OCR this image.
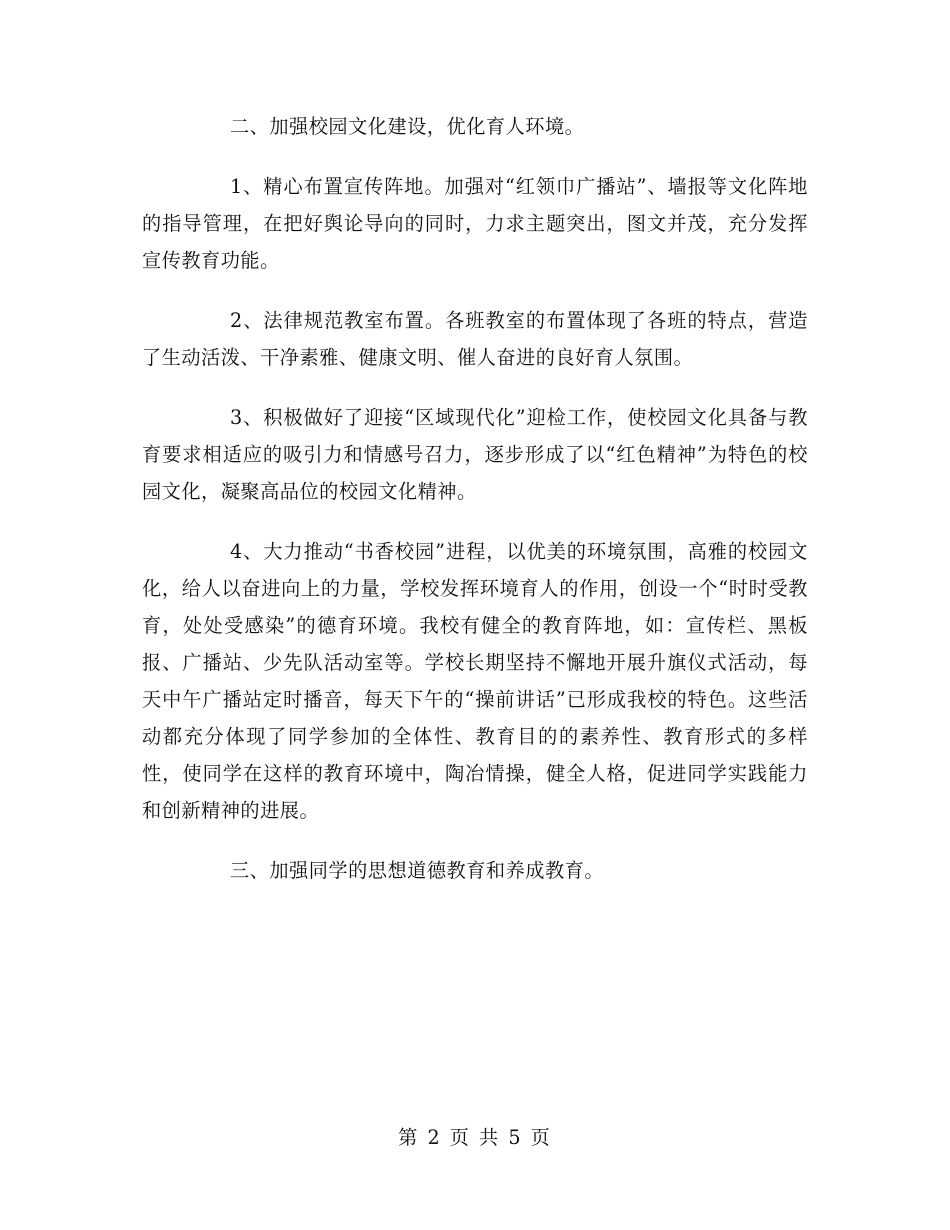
二、加强校园文化建设，优化育人环境。

1、精心布置宣传阵地。加强对“红领巾广播站”、墙报等文化阵地的指导管理，在把好舆论导向的同时，力求主题突出，图文并茂，充分发挥宣传教育功能。

2、法律规范教室布置。各班教室的布置体现了各班的特点，营造了生动活泼、干净素雅、健康文明、催人奋进的良好育人氛围。

3、积极做好了迎接“区域现代化”迎检工作，使校园文化具备与教育要求相适应的吸引力和情感号召力，逐步形成了以“红色精神”为特色的校园文化，凝聚高品位的校园文化精神。

4、大力推动“书香校园”进程，以优美的环境氛围，高雅的校园文化，给人以奋进向上的力量，学校发挥环境育人的作用，创设一个“时时受教育，处处受感染”的德育环境。我校有健全的教育阵地，如：宣传栏、黑板报、广播站、少先队活动室等。学校长期坚持不懈地开展升旗仪式活动，每天中午广播站定时播音，每天下午的“操前讲话”已形成我校的特色。这些活动都充分体现了同学参加的全体性、教育目的的素养性、教育形式的多样性，使同学在这样的教育环境中，陶冶情操，健全人格，促进同学实践能力和创新精神的进展。

三、加强同学的思想道德教育和养成教育。

第 2 页 共 5 页
